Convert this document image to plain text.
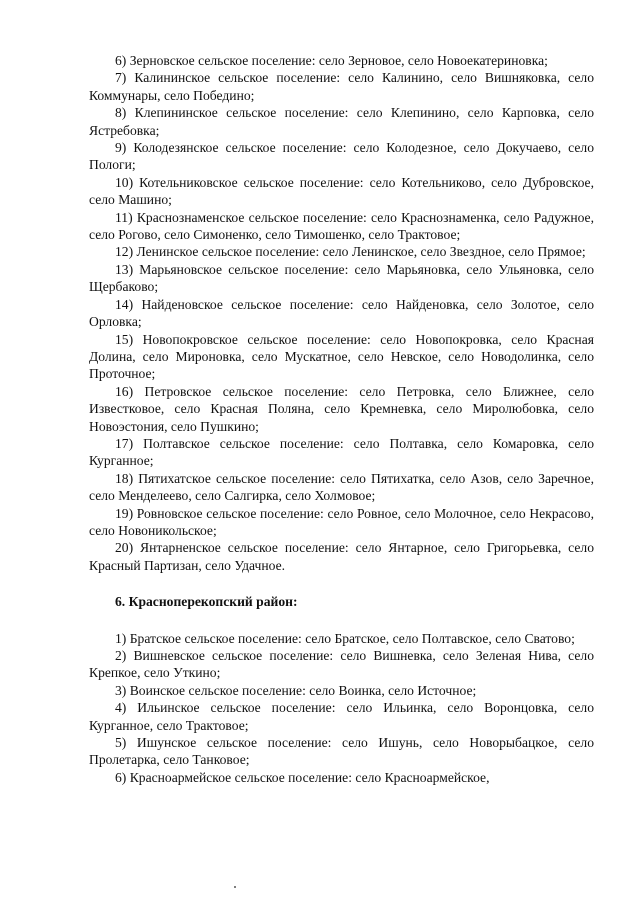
6) Зерновское сельское поселение: село Зерновое, село Новоекатериновка;

7) Калининское сельское поселение: село Калинино, село Вишняковка, село Коммунары, село Победино;

8) Клепининское сельское поселение: село Клепинино, село Карповка, село Ястребовка;

9) Колодезянское сельское поселение: село Колодезное, село Докучаево, село Пологи;

10) Котельниковское сельское поселение: село Котельниково, село Дубровское, село Машино;

11) Краснознаменское сельское поселение: село Краснознаменка, село Радужное, село Рогово, село Симоненко, село Тимошенко, село Трактовое;

12) Ленинское сельское поселение: село Ленинское, село Звездное, село Прямое;

13) Марьяновское сельское поселение: село Марьяновка, село Ульяновка, село Щербаково;

14) Найденовское сельское поселение: село Найденовка, село Золотое, село Орловка;

15) Новопокровское сельское поселение: село Новопокровка, село Красная Долина, село Мироновка, село Мускатное, село Невское, село Новодолинка, село Проточное;

16) Петровское сельское поселение: село Петровка, село Ближнее, село Известковое, село Красная Поляна, село Кремневка, село Миролюбовка, село Новоэстония, село Пушкино;

17) Полтавское сельское поселение: село Полтавка, село Комаровка, село Курганное;

18) Пятихатское сельское поселение: село Пятихатка, село Азов, село Заречное, село Менделеево, село Салгирка, село Холмовое;

19) Ровновское сельское поселение: село Ровное, село Молочное, село Некрасово, село Новоникольское;

20) Янтарненское сельское поселение: село Янтарное, село Григорьевка, село Красный Партизан, село Удачное.

6. Красноперекопский район:

1) Братское сельское поселение: село Братское, село Полтавское, село Сватово;

2) Вишневское сельское поселение: село Вишневка, село Зеленая Нива, село Крепкое, село Уткино;

3) Воинское сельское поселение: село Воинка, село Источное;

4) Ильинское сельское поселение: село Ильинка, село Воронцовка, село Курганное, село Трактовое;

5) Ишунское сельское поселение: село Ишунь, село Новорыбацкое, село Пролетарка, село Танковое;

6) Красноармейское сельское поселение: село Красноармейское,
